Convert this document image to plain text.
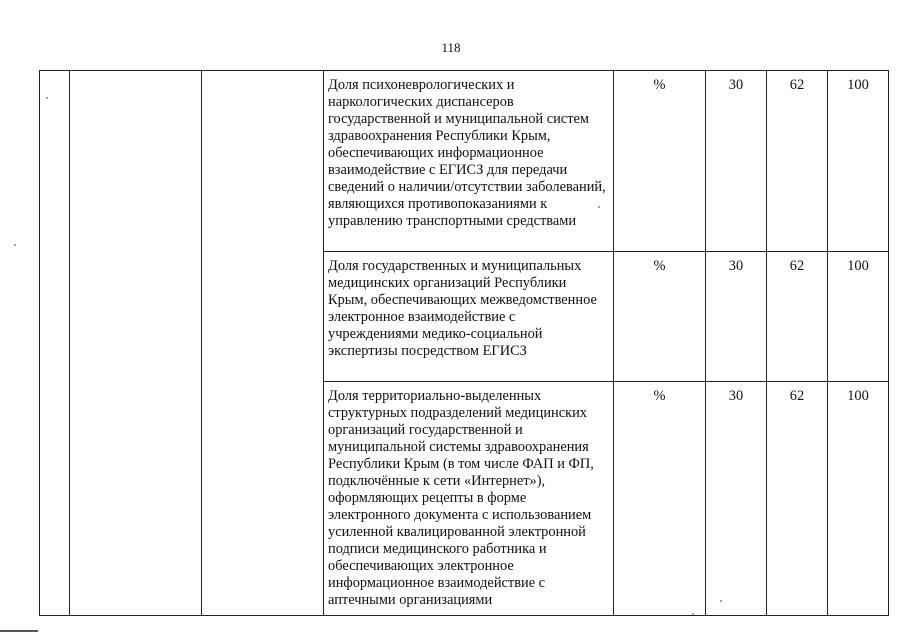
118
			Доля психоневрологических и наркологических диспансеров государственной и муниципальной систем здравоохранения Республики Крым, обеспечивающих информационное взаимодействие с ЕГИСЗ для передачи сведений о наличии/отсутствии заболеваний, являющихся противопоказаниями к управлению транспортными средствами	%	30	62	100
			Доля государственных и муниципальных медицинских организаций Республики Крым, обеспечивающих межведомственное электронное взаимодействие с учреждениями медико-социальной экспертизы посредством ЕГИСЗ	%	30	62	100
			Доля территориально-выделенных структурных подразделений медицинских организаций государственной и муниципальной системы здравоохранения Республики Крым (в том числе ФАП и ФП, подключённые к сети «Интернет»), оформляющих рецепты в форме электронного документа с использованием усиленной квалицированной электронной подписи медицинского работника и обеспечивающих электронное информационное взаимодействие с аптечными организациями	%	30	62	100
